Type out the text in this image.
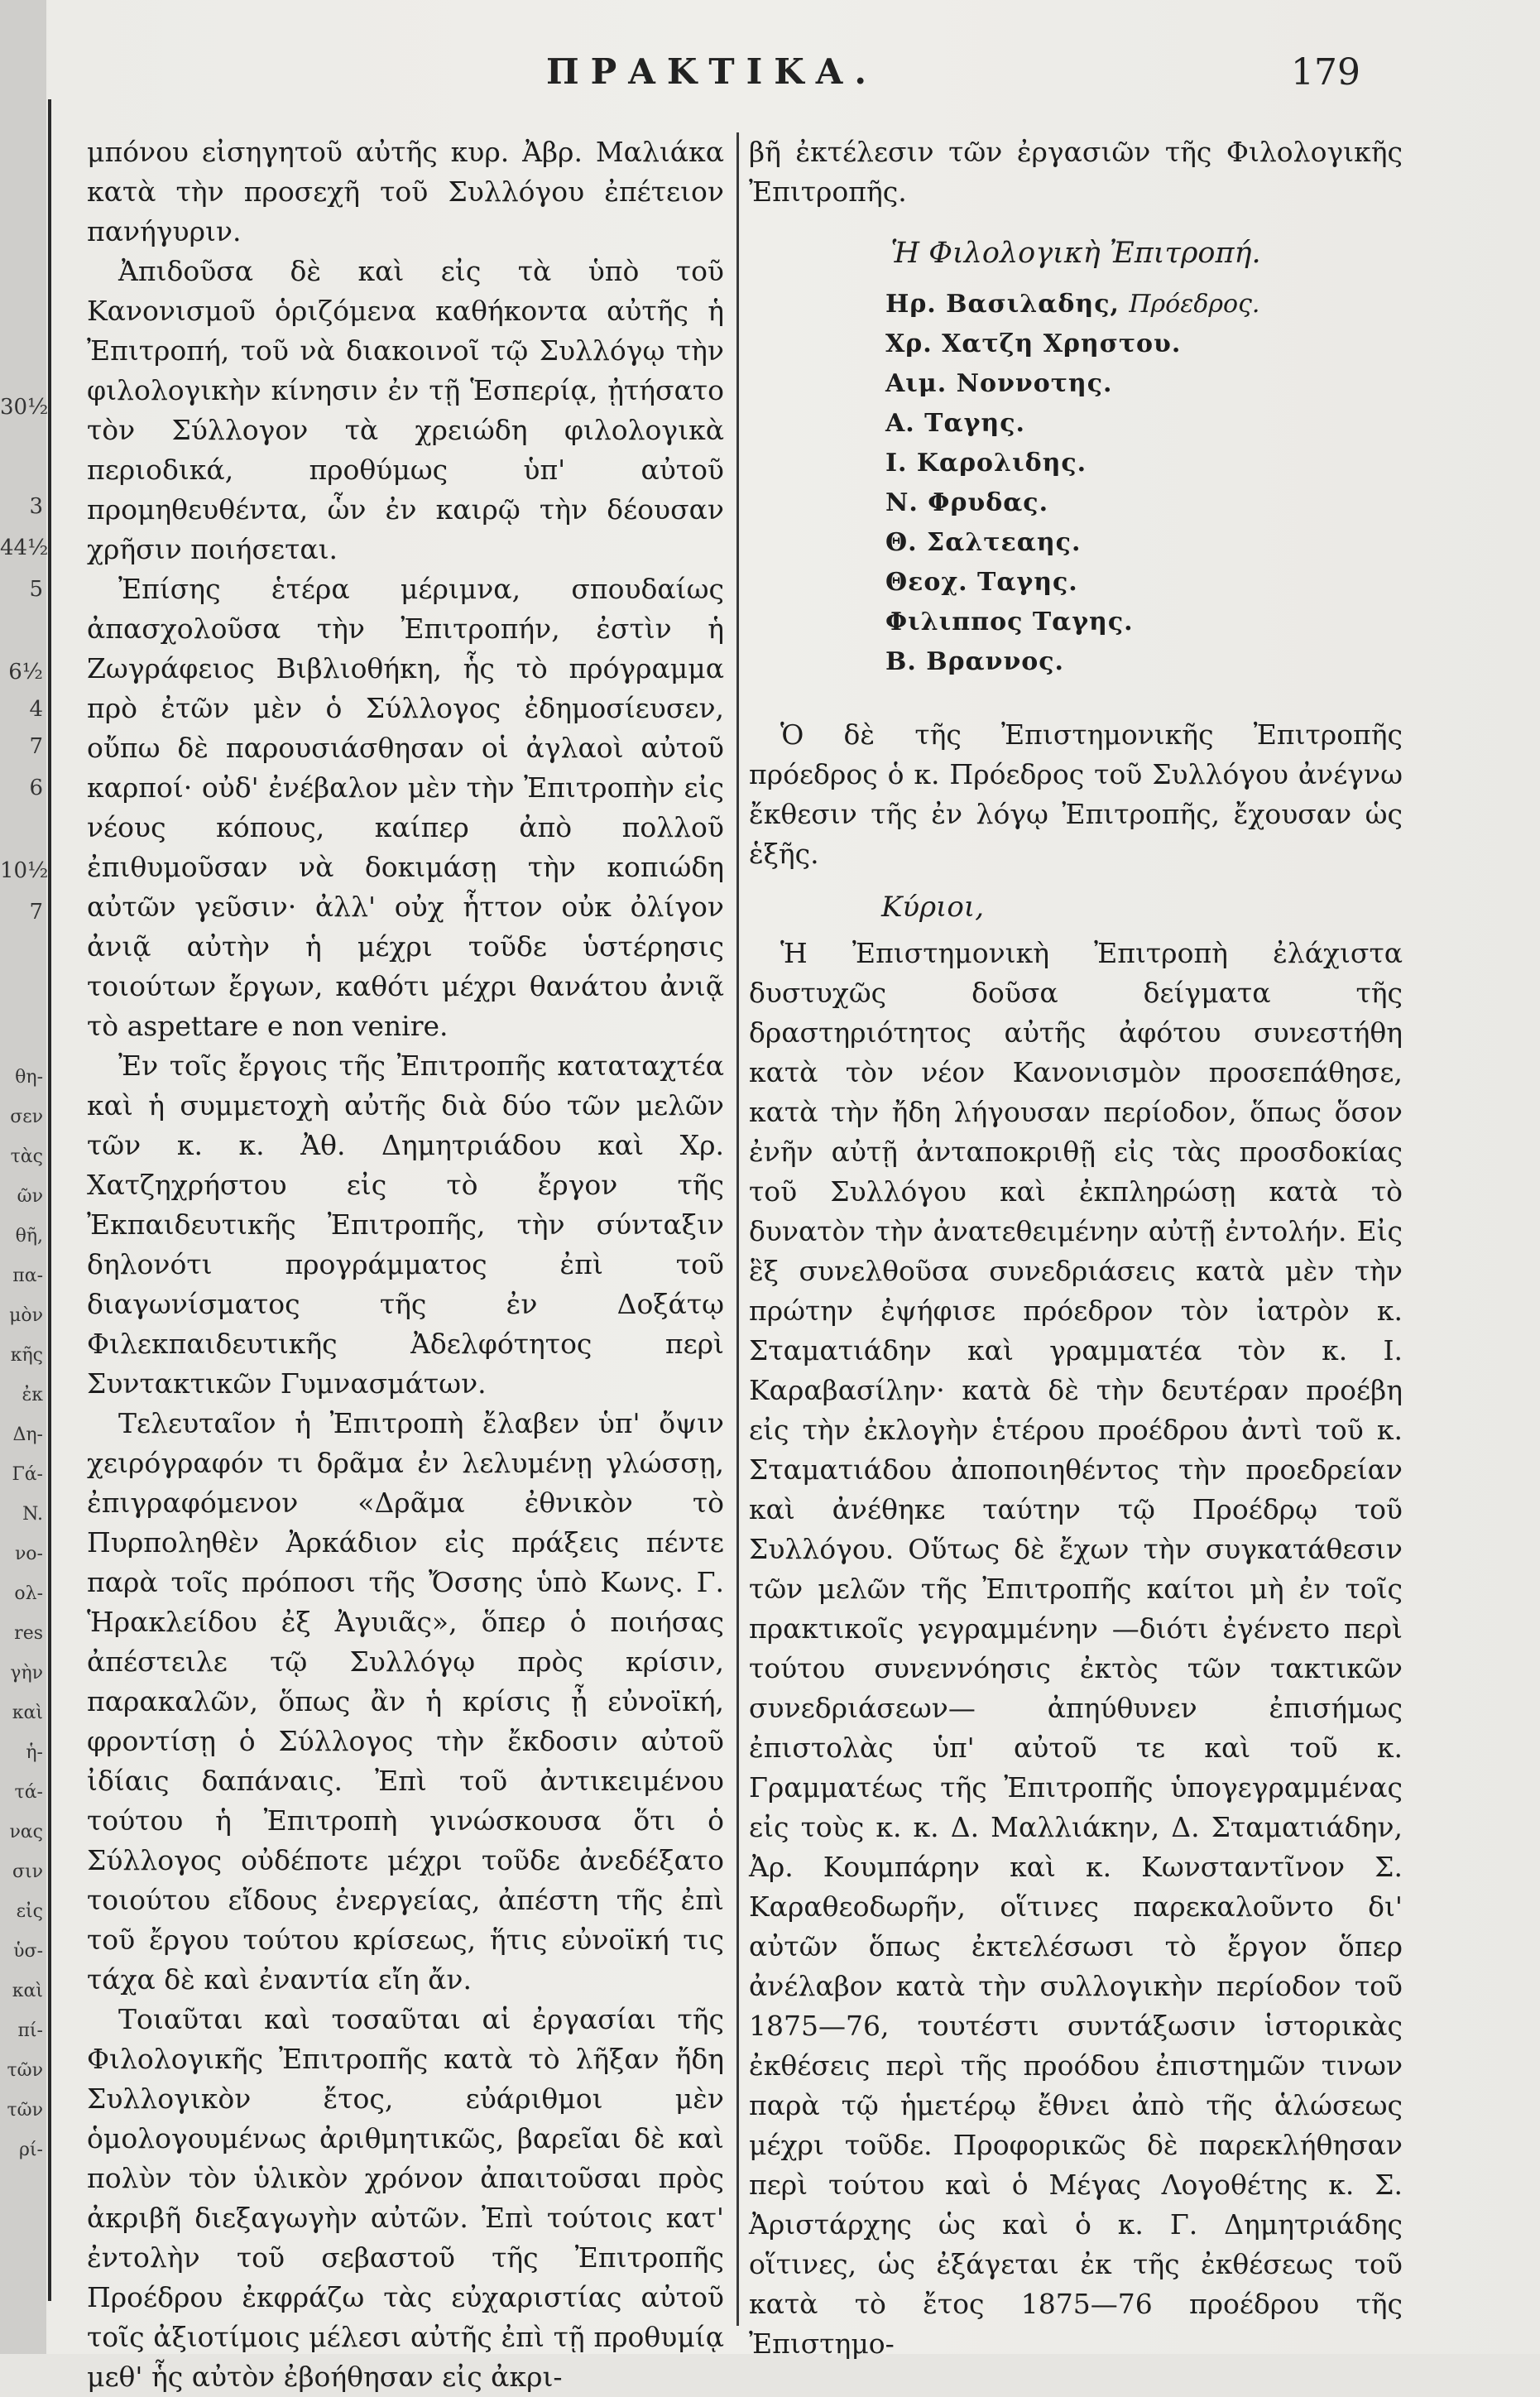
30½
3
44½
5
6½
4
7
6
10½
7
θη-
σεν
τὰς
ῶν
θῆ,
πα-
μὸν
κῆς
ἐκ
Δη-
Γά-
N.
νο-
ολ-
res
γὴν
καὶ
ἡ-
τά-
νας
σιν
εἰς
ὑσ-
καὶ
πί-
τῶν
τῶν
ρί-
ΠΡΑΚΤΙΚΑ.	179

μπόνου εἰσηγητοῦ αὐτῆς κυρ. Ἀβρ. Μαλιάκα κατὰ τὴν προσεχῆ τοῦ Συλλόγου ἐπέτειον πανήγυριν.

Ἀπιδοῦσα δὲ καὶ εἰς τὰ ὑπὸ τοῦ Κανονισμοῦ ὁριζόμενα καθήκοντα αὐτῆς ἡ Ἐπιτροπή, τοῦ νὰ διακοινοῖ τῷ Συλλόγῳ τὴν φιλολογικὴν κίνησιν ἐν τῇ Ἑσπερίᾳ, ᾐτήσατο τὸν Σύλλογον τὰ χρειώδη φιλολογικὰ περιοδικά, προθύμως ὑπ' αὐτοῦ προμηθευθέντα, ὧν ἐν καιρῷ τὴν δέουσαν χρῆσιν ποιήσεται.

Ἐπίσης ἑτέρα μέριμνα, σπουδαίως ἀπασχολοῦσα τὴν Ἐπιτροπήν, ἐστὶν ἡ Ζωγράφειος Βιβλιοθήκη, ἧς τὸ πρόγραμμα πρὸ ἐτῶν μὲν ὁ Σύλλογος ἐδημοσίευσεν, οὔπω δὲ παρουσιάσθησαν οἱ ἀγλαοὶ αὐτοῦ καρποί· οὐδ' ἐνέβαλον μὲν τὴν Ἐπιτροπὴν εἰς νέους κόπους, καίπερ ἀπὸ πολλοῦ ἐπιθυμοῦσαν νὰ δοκιμάσῃ τὴν κοπιώδη αὐτῶν γεῦσιν· ἀλλ' οὐχ ἧττον οὐκ ὀλίγον ἀνιᾷ αὐτὴν ἡ μέχρι τοῦδε ὑστέρησις τοιούτων ἔργων, καθότι μέχρι θανάτου ἀνιᾷ τὸ aspettare e non venire.

Ἐν τοῖς ἔργοις τῆς Ἐπιτροπῆς καταταχτέα καὶ ἡ συμμετοχὴ αὐτῆς διὰ δύο τῶν μελῶν τῶν κ. κ. Ἀθ. Δημητριάδου καὶ Χρ. Χατζηχρήστου εἰς τὸ ἔργον τῆς Ἐκπαιδευτικῆς Ἐπιτροπῆς, τὴν σύνταξιν δηλονότι προγράμματος ἐπὶ τοῦ διαγωνίσματος τῆς ἐν Δοξάτῳ Φιλεκπαιδευτικῆς Ἀδελφότητος περὶ Συντακτικῶν Γυμνασμάτων.

Τελευταῖον ἡ Ἐπιτροπὴ ἔλαβεν ὑπ' ὄψιν χειρόγραφόν τι δρᾶμα ἐν λελυμένῃ γλώσσῃ, ἐπιγραφόμενον «Δρᾶμα ἐθνικὸν τὸ Πυρποληθὲν Ἀρκάδιον εἰς πράξεις πέντε παρὰ τοῖς πρόποσι τῆς Ὄσσης ὑπὸ Κωνς. Γ. Ἡρακλείδου ἐξ Ἀγυιᾶς», ὅπερ ὁ ποιήσας ἀπέστειλε τῷ Συλλόγῳ πρὸς κρίσιν, παρακαλῶν, ὅπως ἂν ἡ κρίσις ᾖ εὐνοϊκή, φροντίσῃ ὁ Σύλλογος τὴν ἔκδοσιν αὐτοῦ ἰδίαις δαπάναις. Ἐπὶ τοῦ ἀντικειμένου τούτου ἡ Ἐπιτροπὴ γινώσκουσα ὅτι ὁ Σύλλογος οὐδέποτε μέχρι τοῦδε ἀνεδέξατο τοιούτου εἴδους ἐνεργείας, ἀπέστη τῆς ἐπὶ τοῦ ἔργου τούτου κρίσεως, ἥτις εὐνοϊκή τις τάχα δὲ καὶ ἐναντία εἴη ἄν.

Τοιαῦται καὶ τοσαῦται αἱ ἐργασίαι τῆς Φιλολογικῆς Ἐπιτροπῆς κατὰ τὸ λῆξαν ἤδη Συλλογικὸν ἔτος, εὐάριθμοι μὲν ὁμολογουμένως ἀριθμητικῶς, βαρεῖαι δὲ καὶ πολὺν τὸν ὑλικὸν χρόνον ἀπαιτοῦσαι πρὸς ἀκριβῆ διεξαγωγὴν αὐτῶν. Ἐπὶ τούτοις κατ' ἐντολὴν τοῦ σεβαστοῦ τῆς Ἐπιτροπῆς Προέδρου ἐκφράζω τὰς εὐχαριστίας αὐτοῦ τοῖς ἀξιοτίμοις μέλεσι αὐτῆς ἐπὶ τῇ προθυμίᾳ μεθ' ἧς αὐτὸν ἐβοήθησαν εἰς ἀκρι-

βῆ ἐκτέλεσιν τῶν ἐργασιῶν τῆς Φιλολογικῆς Ἐπιτροπῆς.

Ἡ Φιλολογικὴ Ἐπιτροπή.
Ηρ. Βασιλαδης, Πρόεδρος.
Χρ. Χατζη Χρηστου.
Αιμ. Νοννοτης.
Α. Ταγης.
Ι. Καρολιδης.
Ν. Φρυδας.
Θ. Σαλτεαης.
Θεοχ. Ταγης.
Φιλιππος Ταγης.
Β. Βραννος.

Ὁ δὲ τῆς Ἐπιστημονικῆς Ἐπιτροπῆς πρόεδρος ὁ κ. Πρόεδρος τοῦ Συλλόγου ἀνέγνω ἔκθεσιν τῆς ἐν λόγῳ Ἐπιτροπῆς, ἔχουσαν ὡς ἑξῆς.

Κύριοι,

Ἡ Ἐπιστημονικὴ Ἐπιτροπὴ ἐλάχιστα δυστυχῶς δοῦσα δείγματα τῆς δραστηριότητος αὐτῆς ἀφότου συνεστήθη κατὰ τὸν νέον Κανονισμὸν προσεπάθησε, κατὰ τὴν ἤδη λήγουσαν περίοδον, ὅπως ὅσον ἐνῆν αὐτῇ ἀνταποκριθῇ εἰς τὰς προσδοκίας τοῦ Συλλόγου καὶ ἐκπληρώσῃ κατὰ τὸ δυνατὸν τὴν ἀνατεθειμένην αὐτῇ ἐντολήν. Εἰς ἓξ συνελθοῦσα συνεδριάσεις κατὰ μὲν τὴν πρώτην ἐψήφισε πρόεδρον τὸν ἰατρὸν κ. Σταματιάδην καὶ γραμματέα τὸν κ. Ι. Καραβασίλην· κατὰ δὲ τὴν δευτέραν προέβη εἰς τὴν ἐκλογὴν ἑτέρου προέδρου ἀντὶ τοῦ κ. Σταματιάδου ἀποποιηθέντος τὴν προεδρείαν καὶ ἀνέθηκε ταύτην τῷ Προέδρῳ τοῦ Συλλόγου. Οὕτως δὲ ἔχων τὴν συγκατάθεσιν τῶν μελῶν τῆς Ἐπιτροπῆς καίτοι μὴ ἐν τοῖς πρακτικοῖς γεγραμμένην —διότι ἐγένετο περὶ τούτου συνεννόησις ἐκτὸς τῶν τακτικῶν συνεδριάσεων— ἀπηύθυνεν ἐπισήμως ἐπιστολὰς ὑπ' αὐτοῦ τε καὶ τοῦ κ. Γραμματέως τῆς Ἐπιτροπῆς ὑπογεγραμμένας εἰς τοὺς κ. κ. Δ. Μαλλιάκην, Δ. Σταματιάδην, Ἀρ. Κουμπάρην καὶ κ. Κωνσταντῖνον Σ. Καραθεοδωρῆν, οἵτινες παρεκαλοῦντο δι' αὐτῶν ὅπως ἐκτελέσωσι τὸ ἔργον ὅπερ ἀνέλαβον κατὰ τὴν συλλογικὴν περίοδον τοῦ 1875—76, τουτέστι συντάξωσιν ἱστορικὰς ἐκθέσεις περὶ τῆς προόδου ἐπιστημῶν τινων παρὰ τῷ ἡμετέρῳ ἔθνει ἀπὸ τῆς ἁλώσεως μέχρι τοῦδε. Προφορικῶς δὲ παρεκλήθησαν περὶ τούτου καὶ ὁ Μέγας Λογοθέτης κ. Σ. Ἀριστάρχης ὡς καὶ ὁ κ. Γ. Δημητριάδης οἵτινες, ὡς ἐξάγεται ἐκ τῆς ἐκθέσεως τοῦ κατὰ τὸ ἔτος 1875—76 προέδρου τῆς Ἐπιστημο-
